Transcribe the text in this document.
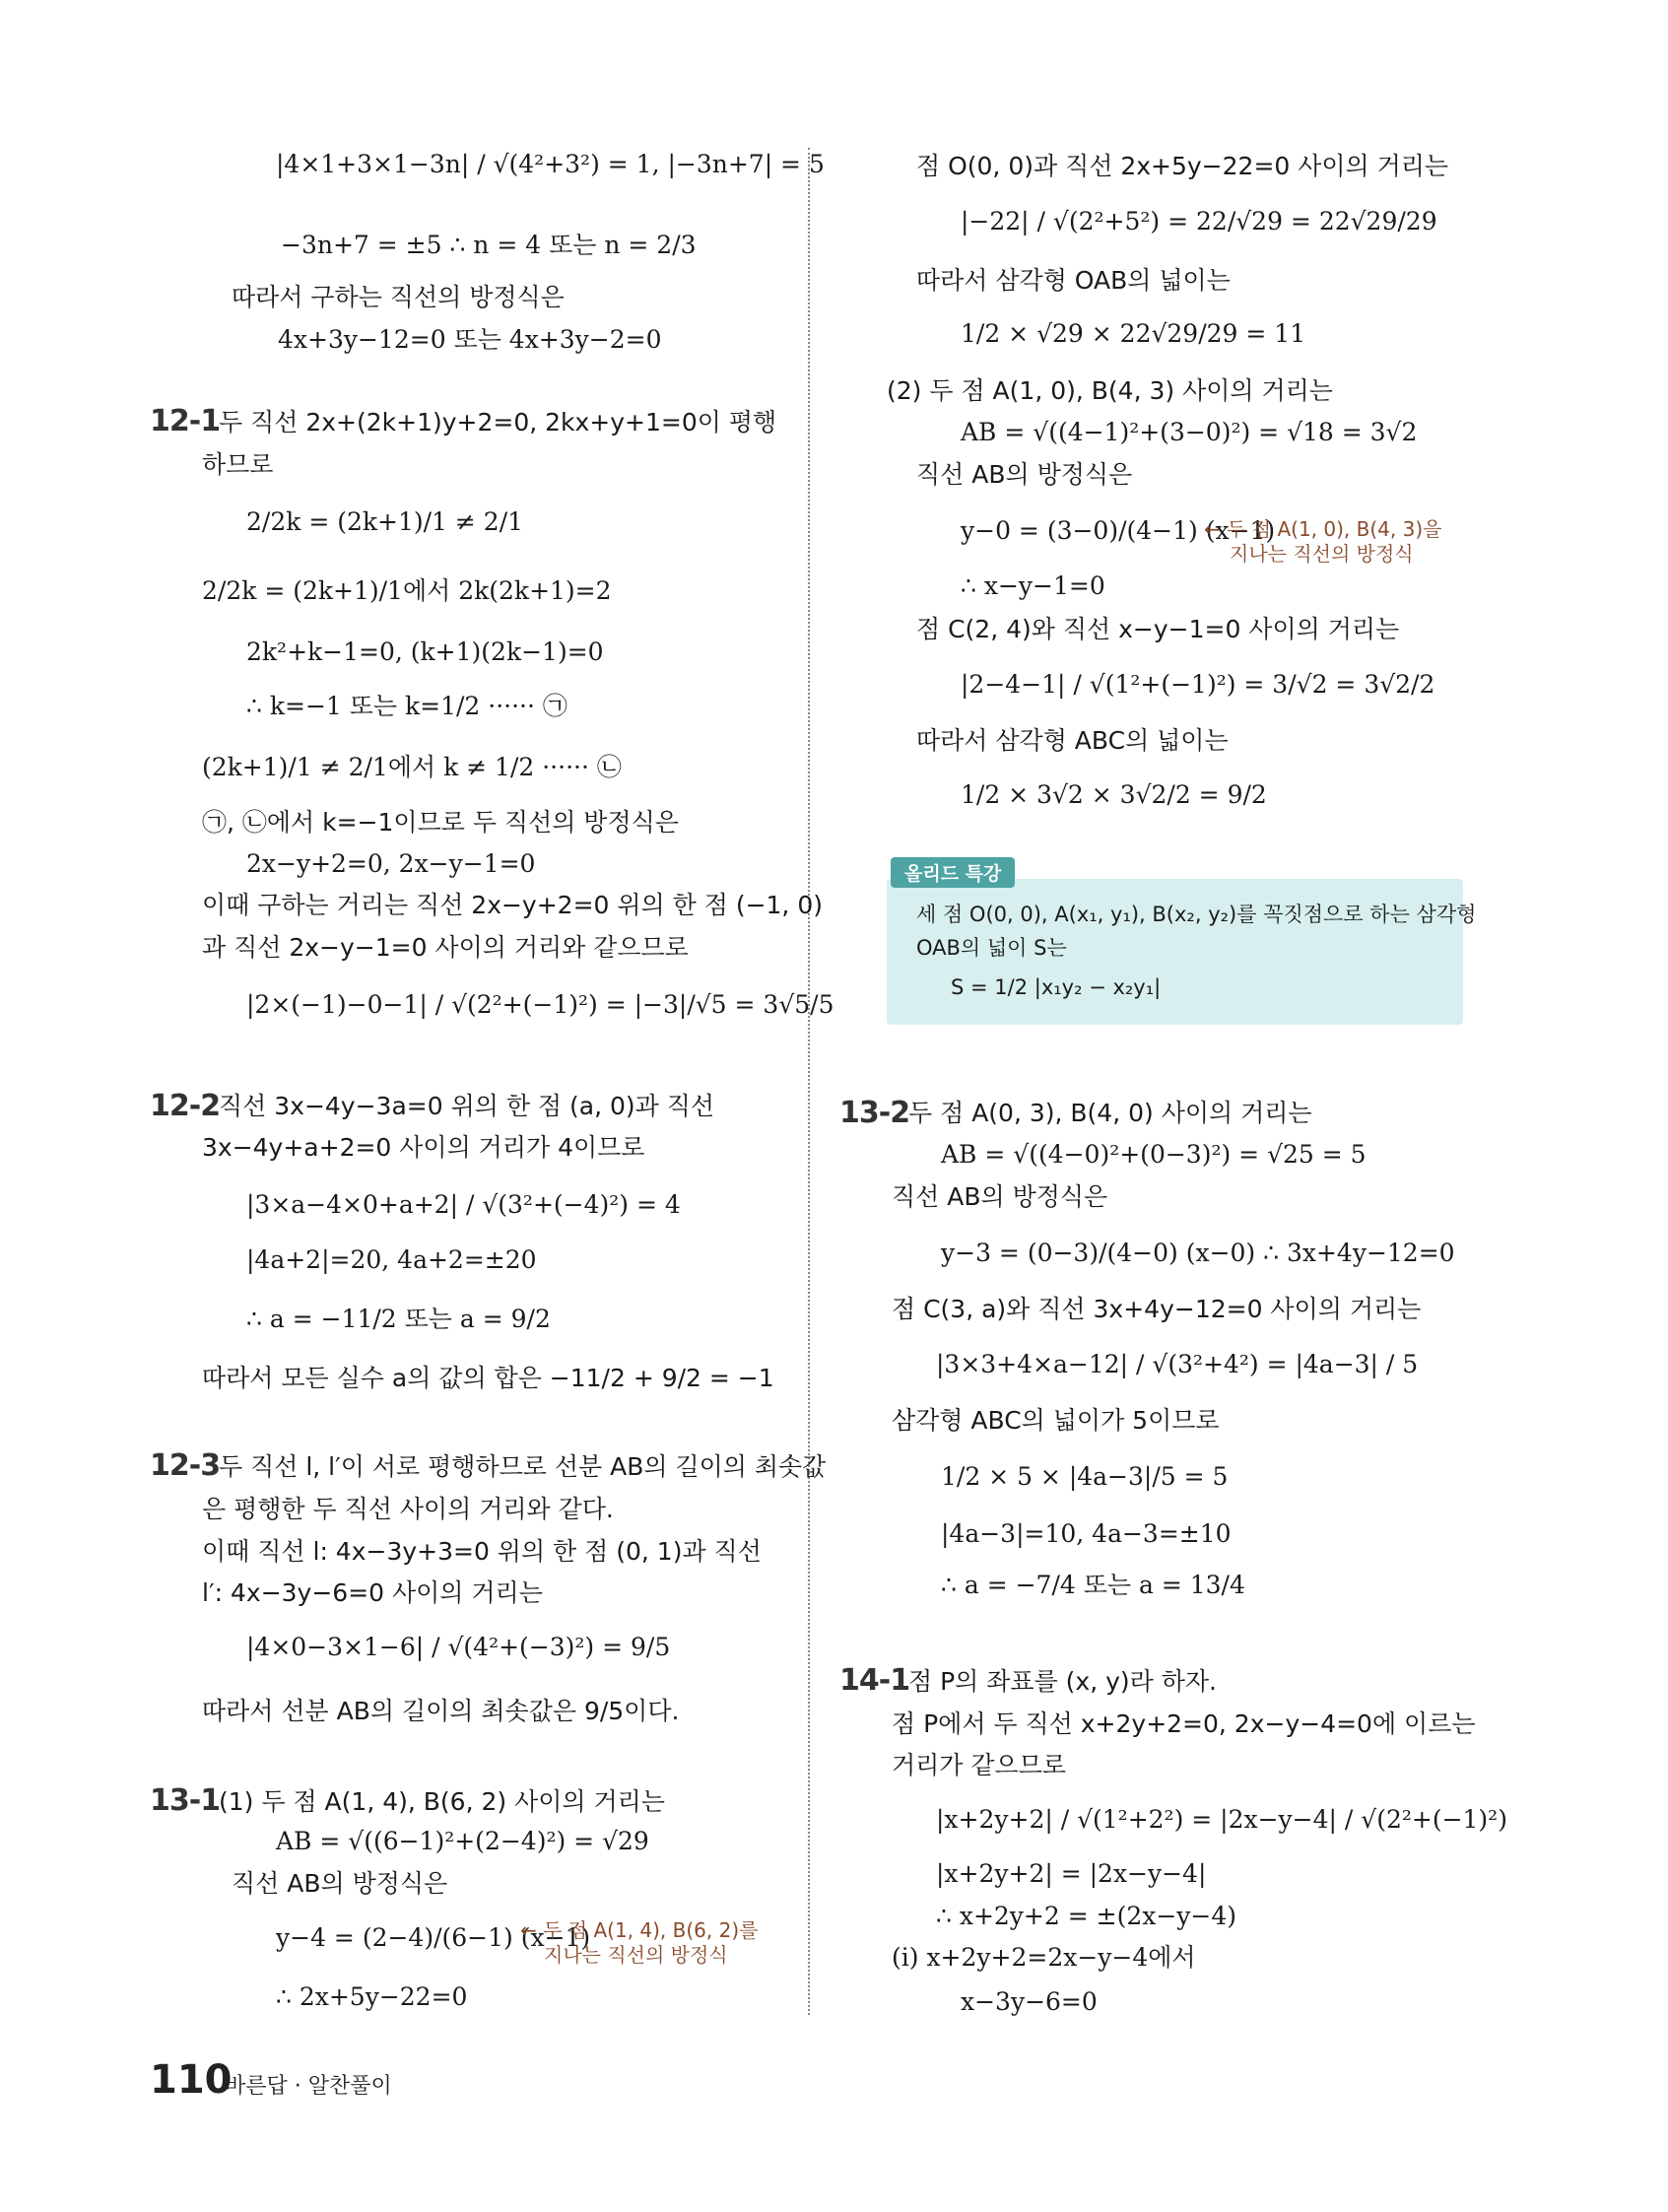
|4×1+3×1−3n| / √(4²+3²) = 1, |−3n+7| = 5
−3n+7 = ±5 ∴ n = 4 또는 n = 2/3
따라서 구하는 직선의 방정식은
4x+3y−12=0 또는 4x+3y−2=0
12-1
두 직선 2x+(2k+1)y+2=0, 2kx+y+1=0이 평행
하므로
2/2k = (2k+1)/1 ≠ 2/1
2/2k = (2k+1)/1에서 2k(2k+1)=2
2k²+k−1=0, (k+1)(2k−1)=0
∴ k=−1 또는 k=1/2 ······ ㉠
(2k+1)/1 ≠ 2/1에서 k ≠ 1/2 ······ ㉡
㉠, ㉡에서 k=−1이므로 두 직선의 방정식은
2x−y+2=0, 2x−y−1=0
이때 구하는 거리는 직선 2x−y+2=0 위의 한 점 (−1, 0)
과 직선 2x−y−1=0 사이의 거리와 같으므로
|2×(−1)−0−1| / √(2²+(−1)²) = |−3|/√5 = 3√5/5
12-2
직선 3x−4y−3a=0 위의 한 점 (a, 0)과 직선
3x−4y+a+2=0 사이의 거리가 4이므로
|3×a−4×0+a+2| / √(3²+(−4)²) = 4
|4a+2|=20, 4a+2=±20
∴ a = −11/2 또는 a = 9/2
따라서 모든 실수 a의 값의 합은 −11/2 + 9/2 = −1
12-3
두 직선 l, l′이 서로 평행하므로 선분 AB의 길이의 최솟값
은 평행한 두 직선 사이의 거리와 같다.
이때 직선 l: 4x−3y+3=0 위의 한 점 (0, 1)과 직선
l′: 4x−3y−6=0 사이의 거리는
|4×0−3×1−6| / √(4²+(−3)²) = 9/5
따라서 선분 AB의 길이의 최솟값은 9/5이다.
13-1
(1) 두 점 A(1, 4), B(6, 2) 사이의 거리는
AB = √((6−1)²+(2−4)²) = √29
직선 AB의 방정식은
y−4 = (2−4)/(6−1) (x−1)
← 두 점 A(1, 4), B(6, 2)를
지나는 직선의 방정식
∴ 2x+5y−22=0
점 O(0, 0)과 직선 2x+5y−22=0 사이의 거리는
|−22| / √(2²+5²) = 22/√29 = 22√29/29
따라서 삼각형 OAB의 넓이는
1/2 × √29 × 22√29/29 = 11
(2) 두 점 A(1, 0), B(4, 3) 사이의 거리는
AB = √((4−1)²+(3−0)²) = √18 = 3√2
직선 AB의 방정식은
y−0 = (3−0)/(4−1) (x−1)
← 두 점 A(1, 0), B(4, 3)을
지나는 직선의 방정식
∴ x−y−1=0
점 C(2, 4)와 직선 x−y−1=0 사이의 거리는
|2−4−1| / √(1²+(−1)²) = 3/√2 = 3√2/2
따라서 삼각형 ABC의 넓이는
1/2 × 3√2 × 3√2/2 = 9/2
올리드 특강
세 점 O(0, 0), A(x₁, y₁), B(x₂, y₂)를 꼭짓점으로 하는 삼각형
OAB의 넓이 S는
S = 1/2 |x₁y₂ − x₂y₁|
13-2
두 점 A(0, 3), B(4, 0) 사이의 거리는
AB = √((4−0)²+(0−3)²) = √25 = 5
직선 AB의 방정식은
y−3 = (0−3)/(4−0) (x−0) ∴ 3x+4y−12=0
점 C(3, a)와 직선 3x+4y−12=0 사이의 거리는
|3×3+4×a−12| / √(3²+4²) = |4a−3| / 5
삼각형 ABC의 넓이가 5이므로
1/2 × 5 × |4a−3|/5 = 5
|4a−3|=10, 4a−3=±10
∴ a = −7/4 또는 a = 13/4
14-1
점 P의 좌표를 (x, y)라 하자.
점 P에서 두 직선 x+2y+2=0, 2x−y−4=0에 이르는
거리가 같으므로
|x+2y+2| / √(1²+2²) = |2x−y−4| / √(2²+(−1)²)
|x+2y+2| = |2x−y−4|
∴ x+2y+2 = ±(2x−y−4)
(i) x+2y+2=2x−y−4에서
x−3y−6=0
110
바른답 · 알찬풀이
